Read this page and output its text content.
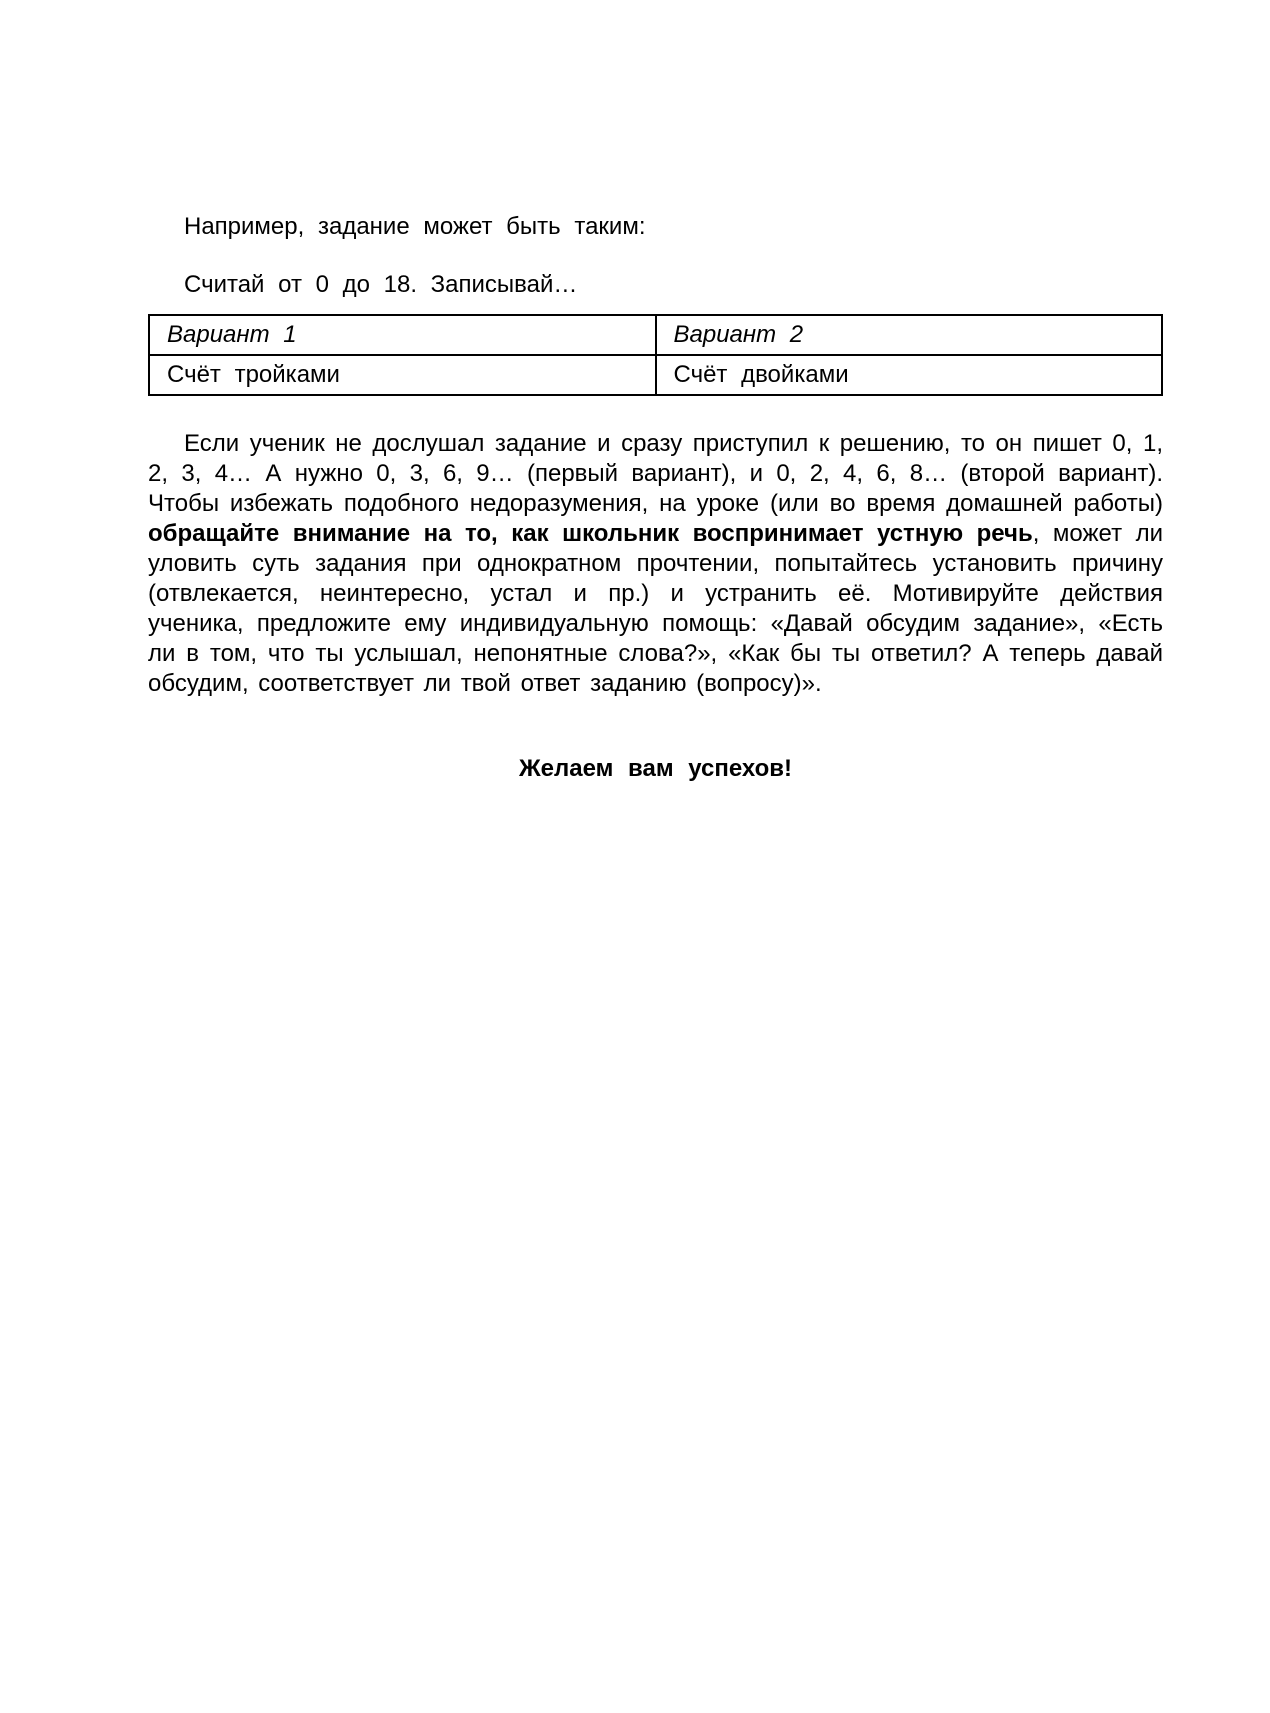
Например, задание может быть таким:

Считай от 0 до 18. Записывай…

Вариант 1	Вариант 2
Счёт тройками	Счёт двойками

Если ученик не дослушал задание и сразу приступил к решению, то он пишет 0, 1, 2, 3, 4… А нужно 0, 3, 6, 9… (первый вариант), и 0, 2, 4, 6, 8… (второй вариант). Чтобы избежать подобного недоразумения, на уроке (или во время домашней работы) обращайте внимание на то, как школьник воспринимает устную речь, может ли уловить суть задания при однократном прочтении, попытайтесь установить причину (отвлекается, неинтересно, устал и пр.) и устранить её. Мотивируйте действия ученика, предложите ему индивидуальную помощь: «Давай обсудим задание», «Есть ли в том, что ты услышал, непонятные слова?», «Как бы ты ответил? А теперь давай обсудим, соответствует ли твой ответ заданию (вопросу)».

Желаем вам успехов!
